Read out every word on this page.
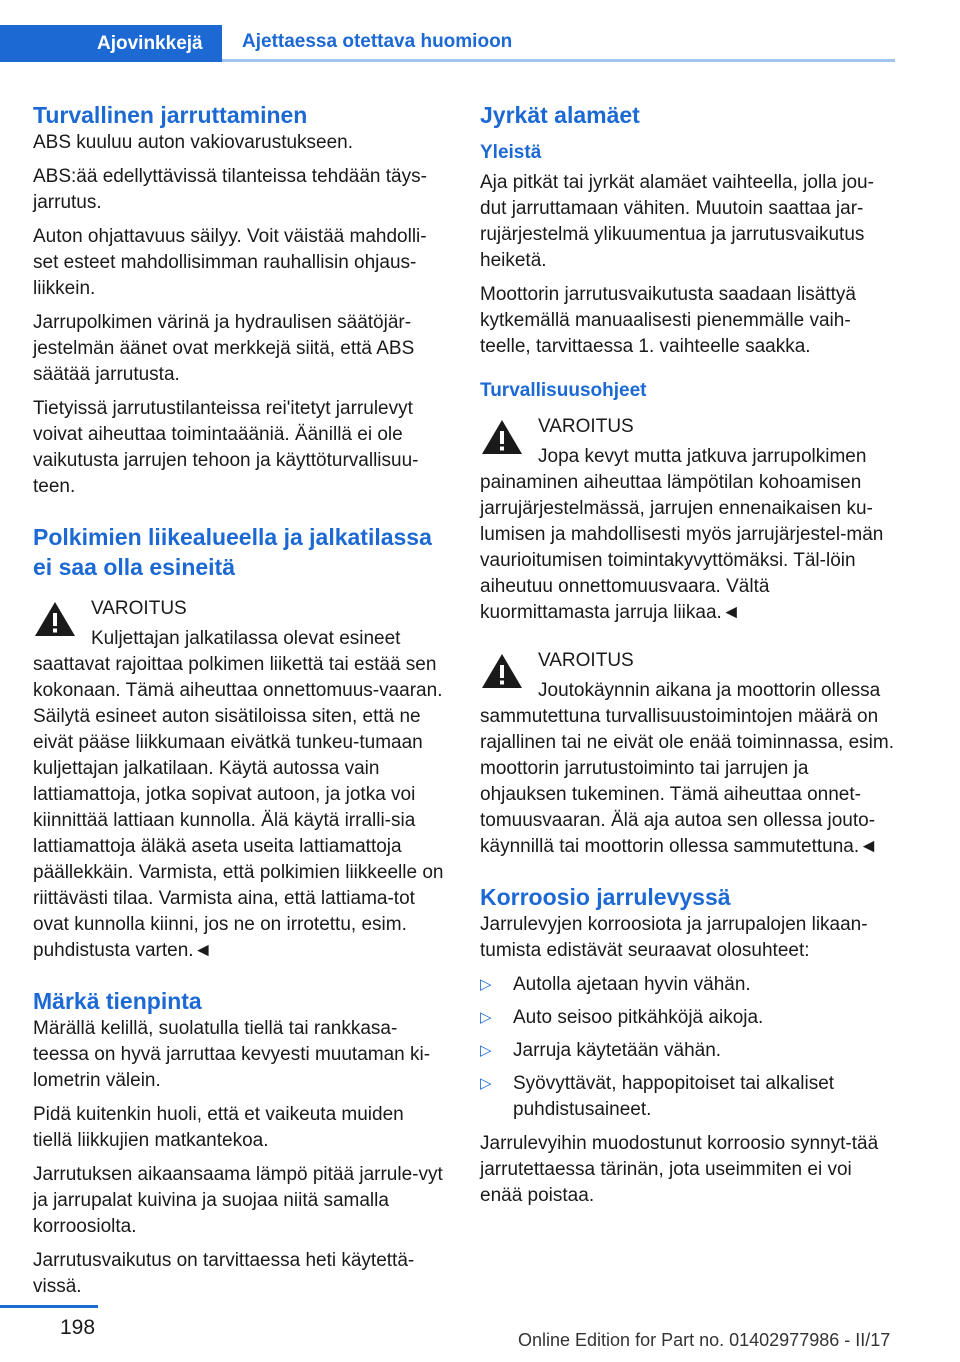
Ajovinkkejä	Ajettaessa otettava huomioon
Turvallinen jarruttaminen

ABS kuuluu auton vakiovarustukseen.

ABS:ää edellyttävissä tilanteissa tehdään täys‐jarrutus.

Auton ohjattavuus säilyy. Voit väistää mahdolli‐set esteet mahdollisimman rauhallisin ohjaus‐liikkein.

Jarrupolkimen värinä ja hydraulisen säätöjär‐jestelmän äänet ovat merkkejä siitä, että ABS säätää jarrutusta.

Tietyissä jarrutustilanteissa rei'itetyt jarrulevyt voivat aiheuttaa toimintaääniä. Äänillä ei ole vaikutusta jarrujen tehoon ja käyttöturvallisuu‐teen.

Polkimien liikealueella ja jalkatilassa ei saa olla esineitä

VAROITUS

Kuljettajan jalkatilassa olevat esineet saattavat rajoittaa polkimen liikettä tai estää sen kokonaan. Tämä aiheuttaa onnettomuus‐vaaran. Säilytä esineet auton sisätiloissa siten, että ne eivät pääse liikkumaan eivätkä tunkeu‐tumaan kuljettajan jalkatilaan. Käytä autossa vain lattiamattoja, jotka sopivat autoon, ja jotka voi kiinnittää lattiaan kunnolla. Älä käytä irralli‐sia lattiamattoja äläkä aseta useita lattiamattoja päällekkäin. Varmista, että polkimien liikkeelle on riittävästi tilaa. Varmista aina, että lattiama‐tot ovat kunnolla kiinni, jos ne on irrotettu, esim. puhdistusta varten.◄

Märkä tienpinta

Märällä kelillä, suolatulla tiellä tai rankkasa‐teessa on hyvä jarruttaa kevyesti muutaman ki‐lometrin välein.

Pidä kuitenkin huoli, että et vaikeuta muiden tiellä liikkujien matkantekoa.

Jarrutuksen aikaansaama lämpö pitää jarrule‐vyt ja jarrupalat kuivina ja suojaa niitä samalla korroosiolta.

Jarrutusvaikutus on tarvittaessa heti käytettä‐vissä.

Jyrkät alamäet
Yleistä

Aja pitkät tai jyrkät alamäet vaihteella, jolla jou‐dut jarruttamaan vähiten. Muutoin saattaa jar‐rujärjestelmä ylikuumentua ja jarrutusvaikutus heiketä.

Moottorin jarrutusvaikutusta saadaan lisättyä kytkemällä manuaalisesti pienemmälle vaih‐teelle, tarvittaessa 1. vaihteelle saakka.

Turvallisuusohjeet

VAROITUS

Jopa kevyt mutta jatkuva jarrupolkimen painaminen aiheuttaa lämpötilan kohoamisen jarrujärjestelmässä, jarrujen ennenaikaisen ku‐lumisen ja mahdollisesti myös jarrujärjestel‐män vaurioitumisen toimintakyvyttömäksi. Täl‐löin aiheutuu onnettomuusvaara. Vältä kuormittamasta jarruja liikaa.◄

VAROITUS

Joutokäynnin aikana ja moottorin ollessa sammutettuna turvallisuustoimintojen määrä on rajallinen tai ne eivät ole enää toiminnassa, esim. moottorin jarrutustoiminto tai jarrujen ja ohjauksen tukeminen. Tämä aiheuttaa onnet‐tomuusvaaran. Älä aja autoa sen ollessa jouto‐käynnillä tai moottorin ollessa sammutettuna.◄

Korroosio jarrulevyssä

Jarrulevyjen korroosiota ja jarrupalojen likaan‐tumista edistävät seuraavat olosuhteet:

▷ Autolla ajetaan hyvin vähän.
▷ Auto seisoo pitkähköjä aikoja.
▷ Jarruja käytetään vähän.
▷ Syövyttävät, happopitoiset tai alkaliset puhdistusaineet.

Jarrulevyihin muodostunut korroosio synnyt‐tää jarrutettaessa tärinän, jota useimmiten ei voi enää poistaa.

198
Online Edition for Part no. 01402977986 - II/17
